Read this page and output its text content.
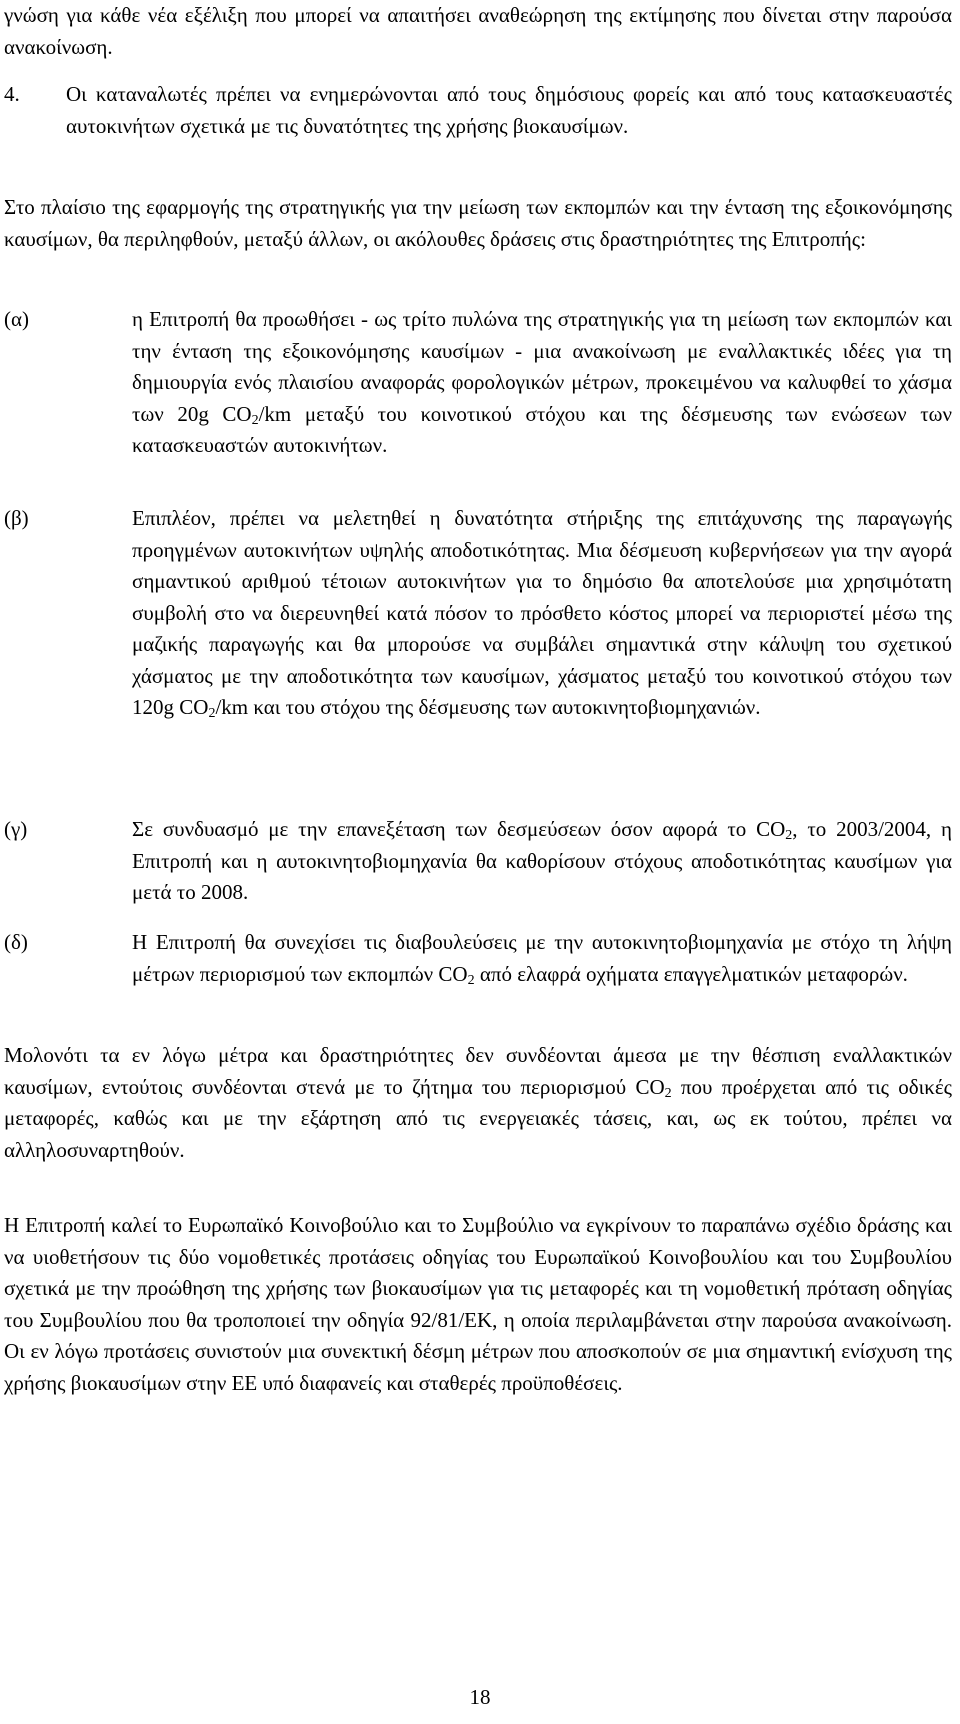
γνώση για κάθε νέα εξέλιξη που μπορεί να απαιτήσει αναθεώρηση της εκτίμησης που δίνεται στην παρούσα ανακοίνωση.

4. Οι καταναλωτές πρέπει να ενημερώνονται από τους δημόσιους φορείς και από τους κατασκευαστές αυτοκινήτων σχετικά με τις δυνατότητες της χρήσης βιοκαυσίμων.

Στο πλαίσιο της εφαρμογής της στρατηγικής για την μείωση των εκπομπών και την ένταση της εξοικονόμησης καυσίμων, θα περιληφθούν, μεταξύ άλλων, οι ακόλουθες δράσεις στις δραστηριότητες της Επιτροπής:

(α)	η Επιτροπή θα προωθήσει - ως τρίτο πυλώνα της στρατηγικής για τη μείωση των εκπομπών και την ένταση της εξοικονόμησης καυσίμων - μια ανακοίνωση με εναλλακτικές ιδέες για τη δημιουργία ενός πλαισίου αναφοράς φορολογικών μέτρων, προκειμένου να καλυφθεί το χάσμα των 20g $CO_2/km$ μεταξύ του κοινοτικού στόχου και της δέσμευσης των ενώσεων των κατασκευαστών αυτοκινήτων.

(β)	Επιπλέον, πρέπει να μελετηθεί η δυνατότητα στήριξης της επιτάχυνσης της παραγωγής προηγμένων αυτοκινήτων υψηλής αποδοτικότητας. Μια δέσμευση κυβερνήσεων για την αγορά σημαντικού αριθμού τέτοιων αυτοκινήτων για το δημόσιο θα αποτελούσε μια χρησιμότατη συμβολή στο να διερευνηθεί κατά πόσον το πρόσθετο κόστος μπορεί να περιοριστεί μέσω της μαζικής παραγωγής και θα μπορούσε να συμβάλει σημαντικά στην κάλυψη του σχετικού χάσματος με την αποδοτικότητα των καυσίμων, χάσματος μεταξύ του κοινοτικού στόχου των 120g $CO_2/km$ και του στόχου της δέσμευσης των αυτοκινητοβιομηχανιών.

(γ)	Σε συνδυασμό με την επανεξέταση των δεσμεύσεων όσον αφορά το $CO_2$, το 2003/2004, η Επιτροπή και η αυτοκινητοβιομηχανία θα καθορίσουν στόχους αποδοτικότητας καυσίμων για μετά το 2008.

(δ)	Η Επιτροπή θα συνεχίσει τις διαβουλεύσεις με την αυτοκινητοβιομηχανία με στόχο τη λήψη μέτρων περιορισμού των εκπομπών $CO_2$ από ελαφρά οχήματα επαγγελματικών μεταφορών.

Μολονότι τα εν λόγω μέτρα και δραστηριότητες δεν συνδέονται άμεσα με την θέσπιση εναλλακτικών καυσίμων, εντούτοις συνδέονται στενά με το ζήτημα του περιορισμού $CO_2$ που προέρχεται από τις οδικές μεταφορές, καθώς και με την εξάρτηση από τις ενεργειακές τάσεις, και, ως εκ τούτου, πρέπει να αλληλοσυναρτηθούν.

Η Επιτροπή καλεί το Ευρωπαϊκό Κοινοβούλιο και το Συμβούλιο να εγκρίνουν το παραπάνω σχέδιο δράσης και να υιοθετήσουν τις δύο νομοθετικές προτάσεις οδηγίας του Ευρωπαϊκού Κοινοβουλίου και του Συμβουλίου σχετικά με την προώθηση της χρήσης των βιοκαυσίμων για τις μεταφορές και τη νομοθετική πρόταση οδηγίας του Συμβουλίου που θα τροποποιεί την οδηγία 92/81/ΕΚ, η οποία περιλαμβάνεται στην παρούσα ανακοίνωση. Οι εν λόγω προτάσεις συνιστούν μια συνεκτική δέσμη μέτρων που αποσκοπούν σε μια σημαντική ενίσχυση της χρήσης βιοκαυσίμων στην ΕΕ υπό διαφανείς και σταθερές προϋποθέσεις.

18
